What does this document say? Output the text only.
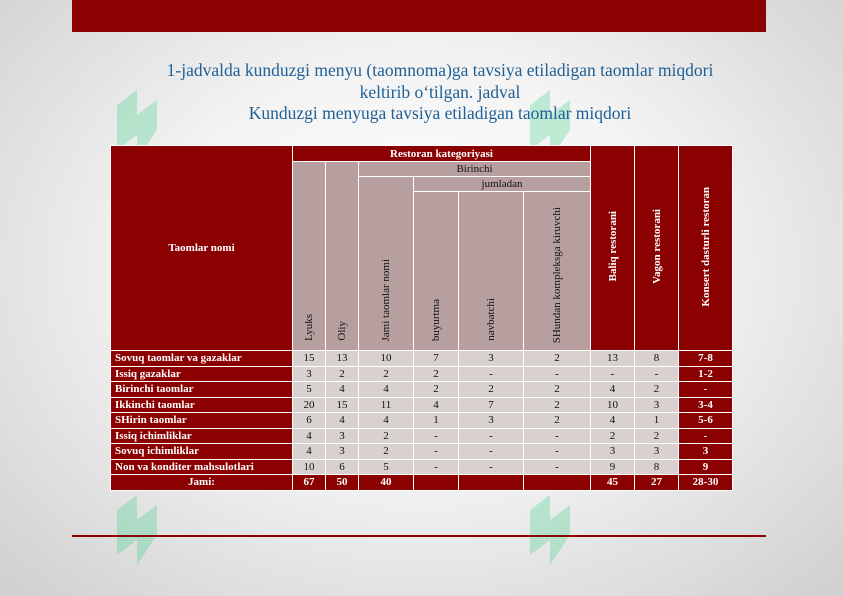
1-jadvalda kunduzgi menyu (taomnoma)ga tavsiya etiladigan taomlar miqdori
keltirib o‘tilgan. jadval
Kunduzgi menyuga tavsiya etiladigan taomlar miqdori
Taomlar nomi	Restoran kategoriyasi						Baliq restorani	Vagon restorani	Konsert dasturli restoran
	Lyuks	Oliy	Birinchi						
			Jami taomlar nomi	jumladan					
				buyurtma	navbatchi	SHundan kompleksga kiruvchi			
Sovuq taomlar va gazaklar	15	13	10	7	3	2	13	8	7-8
Issiq gazaklar	3	2	2	2	-	-	-	-	1-2
Birinchi taomlar	5	4	4	2	2	2	4	2	-
Ikkinchi taomlar	20	15	11	4	7	2	10	3	3-4
SHirin taomlar	6	4	4	1	3	2	4	1	5-6
Issiq ichimliklar	4	3	2	-	-	-	2	2	-
Sovuq ichimliklar	4	3	2	-	-	-	3	3	3
Non va konditer mahsulotlari	10	6	5	-	-	-	9	8	9
Jami:	67	50	40				45	27	28-30
